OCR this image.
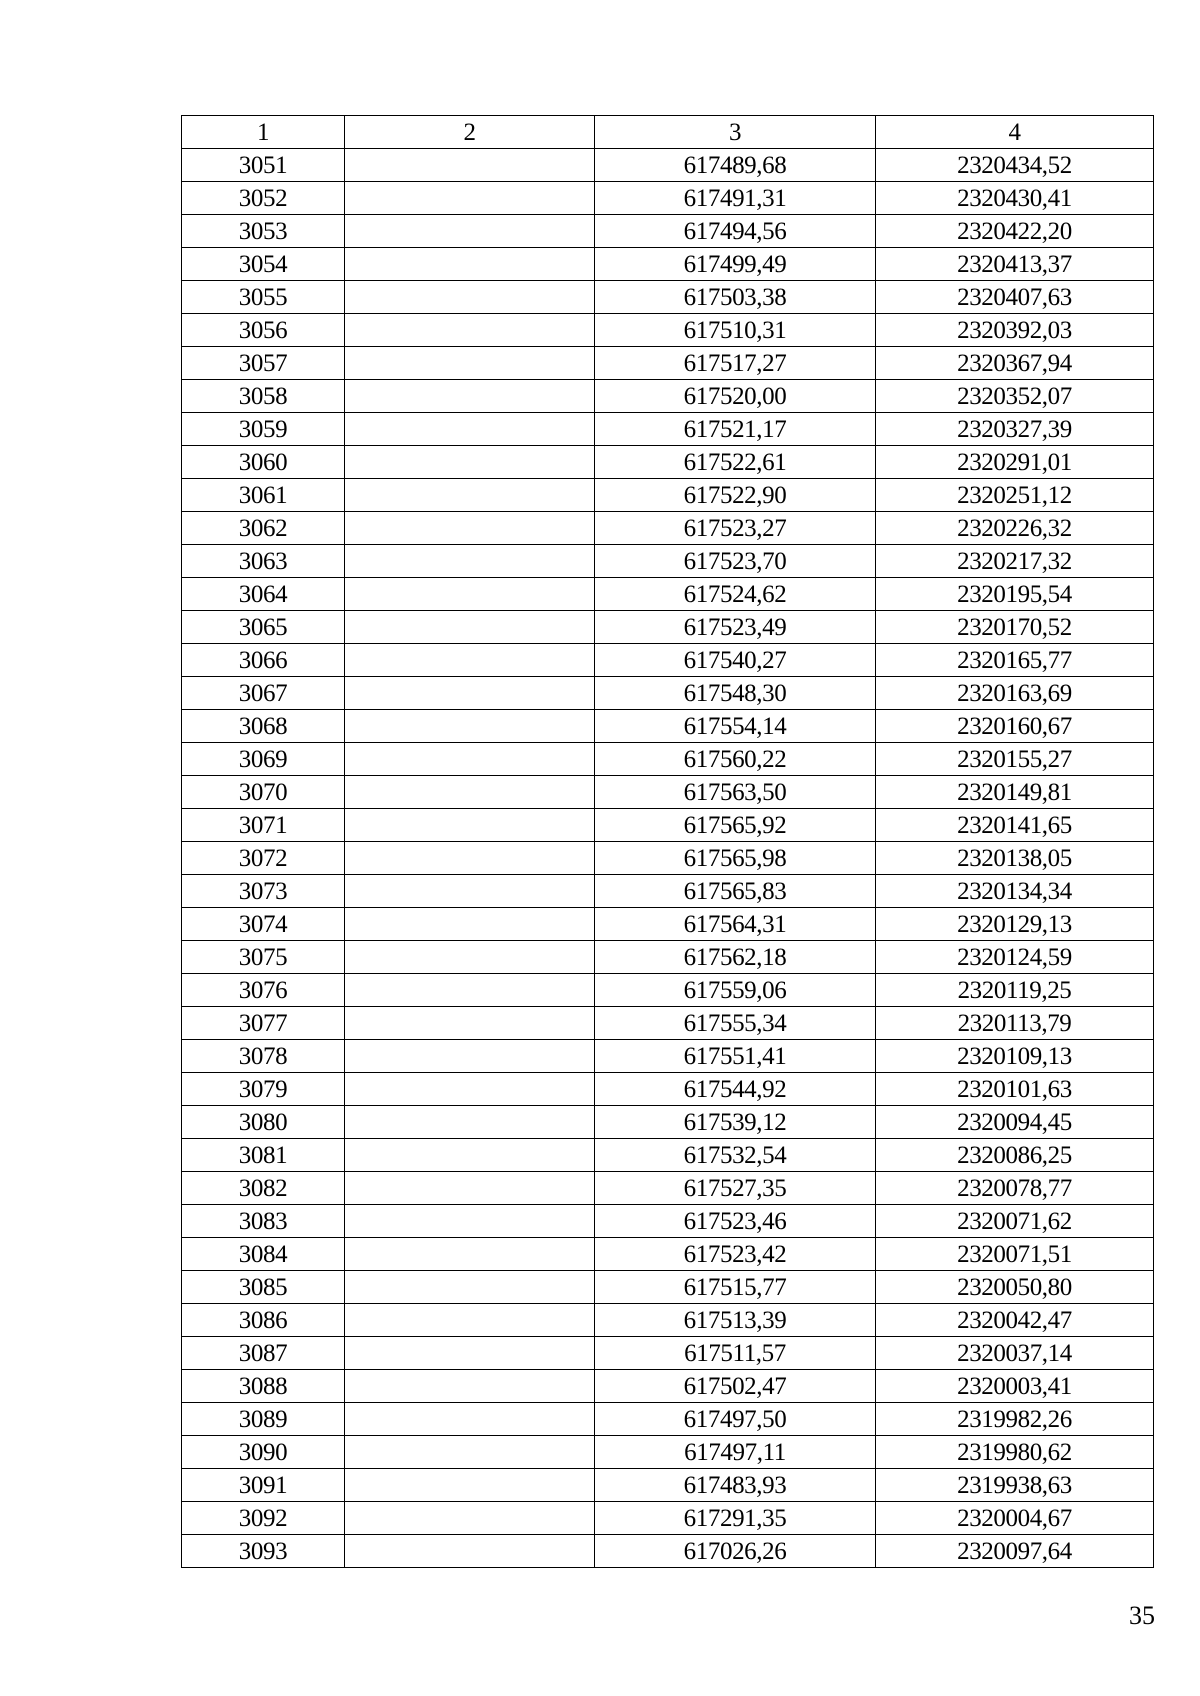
1	2	3	4
3051		617489,68	2320434,52
3052		617491,31	2320430,41
3053		617494,56	2320422,20
3054		617499,49	2320413,37
3055		617503,38	2320407,63
3056		617510,31	2320392,03
3057		617517,27	2320367,94
3058		617520,00	2320352,07
3059		617521,17	2320327,39
3060		617522,61	2320291,01
3061		617522,90	2320251,12
3062		617523,27	2320226,32
3063		617523,70	2320217,32
3064		617524,62	2320195,54
3065		617523,49	2320170,52
3066		617540,27	2320165,77
3067		617548,30	2320163,69
3068		617554,14	2320160,67
3069		617560,22	2320155,27
3070		617563,50	2320149,81
3071		617565,92	2320141,65
3072		617565,98	2320138,05
3073		617565,83	2320134,34
3074		617564,31	2320129,13
3075		617562,18	2320124,59
3076		617559,06	2320119,25
3077		617555,34	2320113,79
3078		617551,41	2320109,13
3079		617544,92	2320101,63
3080		617539,12	2320094,45
3081		617532,54	2320086,25
3082		617527,35	2320078,77
3083		617523,46	2320071,62
3084		617523,42	2320071,51
3085		617515,77	2320050,80
3086		617513,39	2320042,47
3087		617511,57	2320037,14
3088		617502,47	2320003,41
3089		617497,50	2319982,26
3090		617497,11	2319980,62
3091		617483,93	2319938,63
3092		617291,35	2320004,67
3093		617026,26	2320097,64
35
